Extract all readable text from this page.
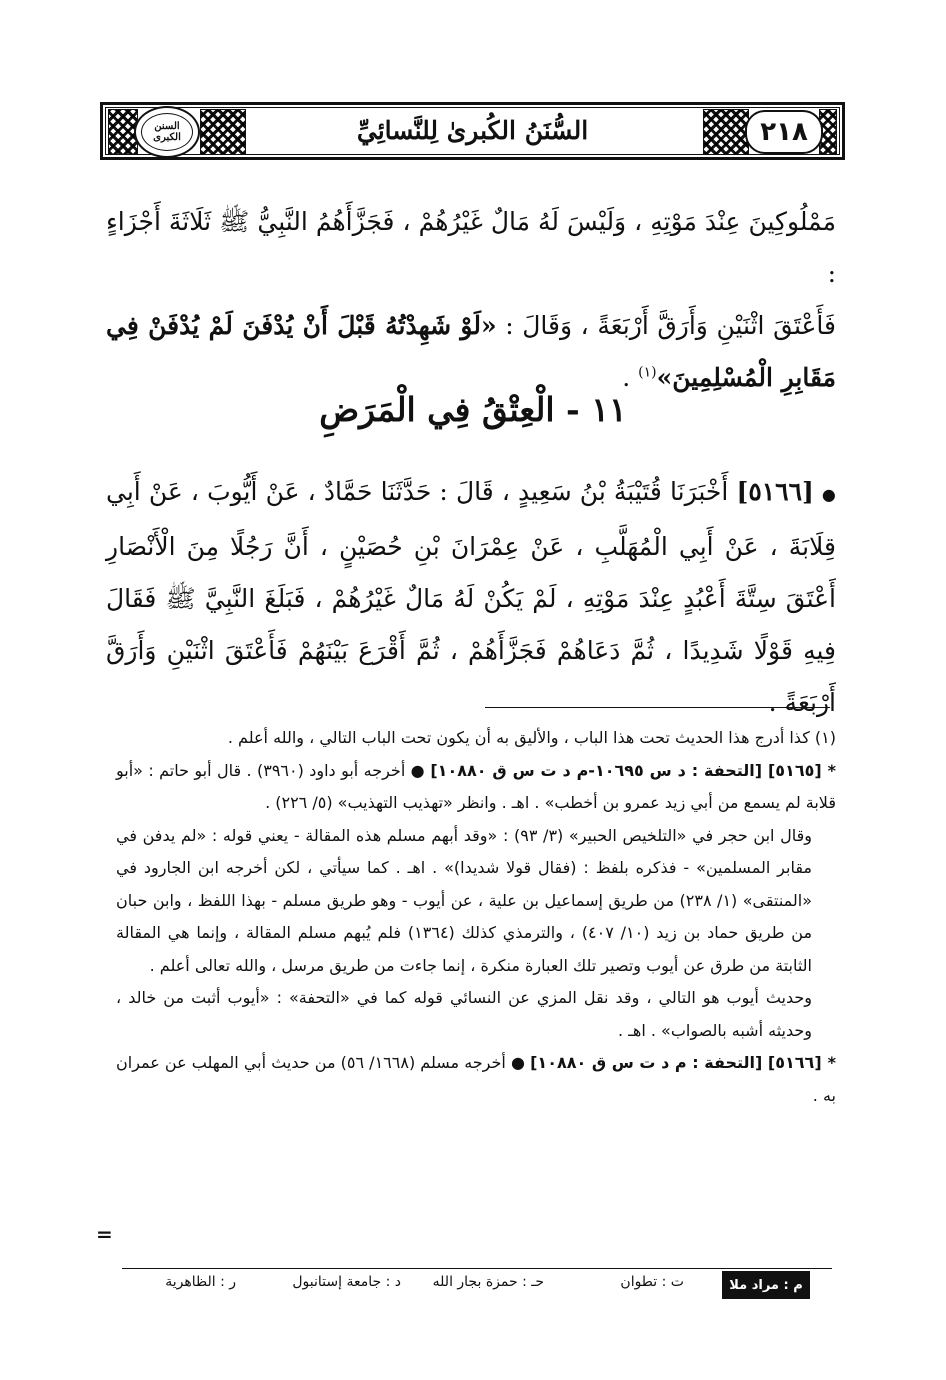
٢١٨
السُّنَنُ الكُبرىٰ لِلنَّسائِيِّ
السنن الكبرى

مَمْلُوكِينَ عِنْدَ مَوْتِهِ ، وَلَيْسَ لَهُ مَالٌ غَيْرُهُمْ ، فَجَزَّأَهُمُ النَّبِيُّ ﷺ ثَلَاثَةَ أَجْزَاءٍ :

فَأَعْتَقَ اثْنَيْنِ وَأَرَقَّ أَرْبَعَةً ، وَقَالَ : «لَوْ شَهِدْتُهُ قَبْلَ أَنْ يُدْفَنَ لَمْ يُدْفَنْ فِي مَقَابِرِ الْمُسْلِمِينَ»$^{(١)}$ .

١١ - الْعِتْقُ فِي الْمَرَضِ

●[٥١٦٦] أَخْبَرَنَا قُتَيْبَةُ بْنُ سَعِيدٍ ، قَالَ : حَدَّثَنَا حَمَّادٌ ، عَنْ أَيُّوبَ ، عَنْ أَبِي قِلَابَةَ ، عَنْ أَبِي الْمُهَلَّبِ ، عَنْ عِمْرَانَ بْنِ حُصَيْنٍ ، أَنَّ رَجُلًا مِنَ الْأَنْصَارِ أَعْتَقَ سِتَّةَ أَعْبُدٍ عِنْدَ مَوْتِهِ ، لَمْ يَكُنْ لَهُ مَالٌ غَيْرُهُمْ ، فَبَلَغَ النَّبِيَّ ﷺ فَقَالَ فِيهِ قَوْلًا شَدِيدًا ، ثُمَّ دَعَاهُمْ فَجَزَّأَهُمْ ، ثُمَّ أَقْرَعَ بَيْنَهُمْ فَأَعْتَقَ اثْنَيْنِ وَأَرَقَّ أَرْبَعَةً .

(١) كذا أدرج هذا الحديث تحت هذا الباب ، والأليق به أن يكون تحت الباب التالي ، والله أعلم .

*[٥١٦٥] [التحفة : د س ١٠٦٩٥-م د ت س ق ١٠٨٨٠] ● أخرجه أبو داود (٣٩٦٠) . قال أبو حاتم : «أبو قلابة لم يسمع من أبي زيد عمرو بن أخطب» . اهـ . وانظر «تهذيب التهذيب» (٥/ ٢٢٦) .

وقال ابن حجر في «التلخيص الحبير» (٣/ ٩٣) : «وقد أبهم مسلم هذه المقالة - يعني قوله : «لم يدفن في مقابر المسلمين» - فذكره بلفظ : (فقال قولا شديدا)» . اهـ . كما سيأتي ، لكن أخرجه ابن الجارود في «المنتقى» (١/ ٢٣٨) من طريق إسماعيل بن علية ، عن أيوب - وهو طريق مسلم - بهذا اللفظ ، وابن حبان من طريق حماد بن زيد (١٠/ ٤٠٧) ، والترمذي كذلك (١٣٦٤) فلم يُبهم مسلم المقالة ، وإنما هي المقالة الثابتة من طرق عن أيوب وتصير تلك العبارة منكرة ، إنما جاءت من طريق مرسل ، والله تعالى أعلم .

وحديث أيوب هو التالي ، وقد نقل المزي عن النسائي قوله كما في «التحفة» : «أيوب أثبت من خالد ، وحديثه أشبه بالصواب» . اهـ .

*[٥١٦٦] [التحفة : م د ت س ق ١٠٨٨٠] ● أخرجه مسلم (١٦٦٨/ ٥٦) من حديث أبي المهلب عن عمران به .

=
م : مراد ملا
ت : تطوان
حـ : حمزة بجار الله
د : جامعة إستانبول
ر : الظاهرية
